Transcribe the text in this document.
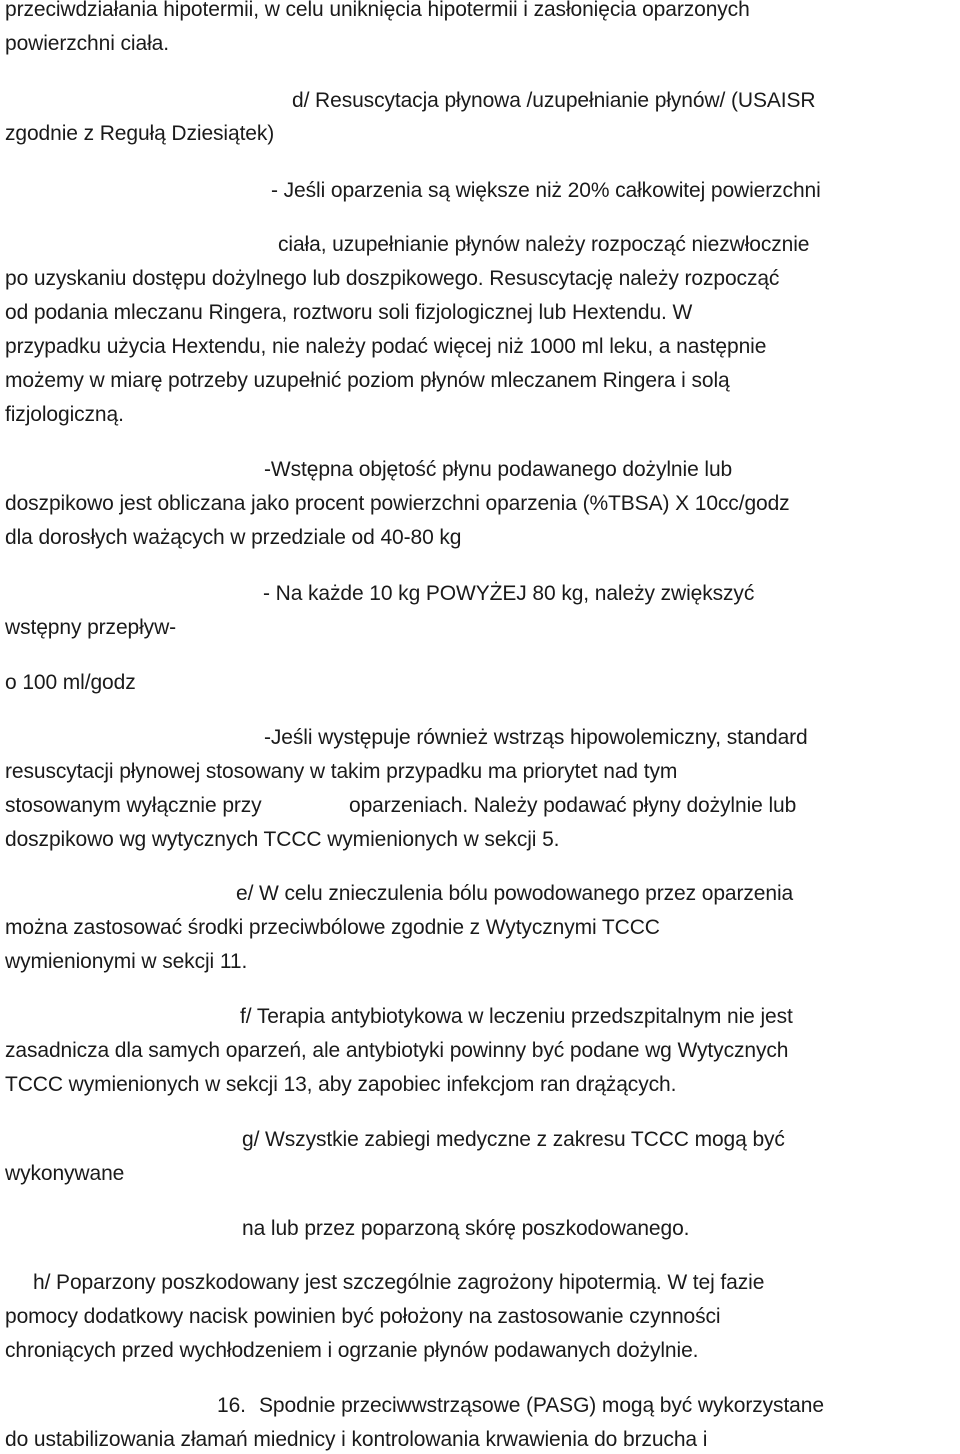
przeciwdziałania hipotermii, w celu uniknięcia hipotermii i zasłonięcia oparzonych
powierzchni ciała.
d/ Resuscytacja płynowa /uzupełnianie płynów/ (USAISR
zgodnie z Regułą Dziesiątek)
- Jeśli oparzenia są większe niż 20% całkowitej powierzchni
ciała, uzupełnianie płynów należy rozpocząć niezwłocznie
po uzyskaniu dostępu dożylnego lub doszpikowego. Resuscytację należy rozpocząć
od podania mleczanu Ringera, roztworu soli fizjologicznej lub Hextendu. W
przypadku użycia Hextendu, nie należy podać więcej niż 1000 ml leku, a następnie
możemy w miarę potrzeby uzupełnić poziom płynów mleczanem Ringera i solą
fizjologiczną.
-Wstępna objętość płynu podawanego dożylnie lub
doszpikowo jest obliczana jako procent powierzchni oparzenia (%TBSA) X 10cc/godz
dla dorosłych ważących w przedziale od 40-80 kg
- Na każde 10 kg POWYŻEJ 80 kg, należy zwiększyć
wstępny przepływ-
o 100 ml/godz
-Jeśli występuje również wstrząs hipowolemiczny, standard
resuscytacji płynowej stosowany w takim przypadku ma priorytet nad tym
stosowanym wyłącznie przy	oparzeniach. Należy podawać płyny dożylnie lub
doszpikowo wg wytycznych TCCC wymienionych w sekcji 5.
e/ W celu znieczulenia bólu powodowanego przez oparzenia
można zastosować środki przeciwbólowe zgodnie z Wytycznymi TCCC
wymienionymi w sekcji 11.
f/ Terapia antybiotykowa w leczeniu przedszpitalnym nie jest
zasadnicza dla samych oparzeń, ale antybiotyki powinny być podane wg Wytycznych
TCCC wymienionych w sekcji 13, aby zapobiec infekcjom ran drążących.
g/ Wszystkie zabiegi medyczne z zakresu TCCC mogą być
wykonywane
na lub przez poparzoną skórę poszkodowanego.
h/ Poparzony poszkodowany jest szczególnie zagrożony hipotermią. W tej fazie
pomocy dodatkowy nacisk powinien być położony na zastosowanie czynności
chroniących przed wychłodzeniem i ogrzanie płynów podawanych dożylnie.
16. Spodnie przeciwwstrząsowe (PASG) mogą być wykorzystane
do ustabilizowania złamań miednicy i kontrolowania krwawienia do brzucha i
